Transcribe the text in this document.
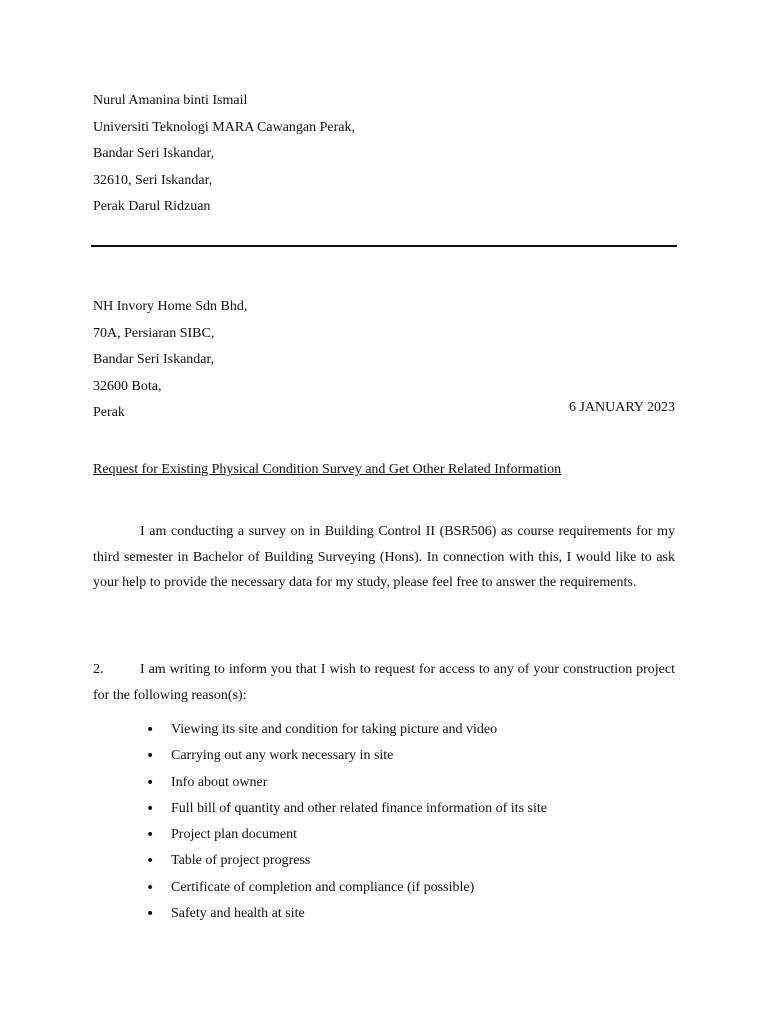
Nurul Amanina binti Ismail
Universiti Teknologi MARA Cawangan Perak,
Bandar Seri Iskandar,
32610, Seri Iskandar,
Perak Darul Ridzuan
NH Invory Home Sdn Bhd,
70A, Persiaran SIBC,
Bandar Seri Iskandar,
32600 Bota,
Perak	6 JANUARY 2023
Request for Existing Physical Condition Survey and Get Other Related Information

I am conducting a survey on in Building Control II (BSR506) as course requirements for my third semester in Bachelor of Building Surveying (Hons). In connection with this, I would like to ask your help to provide the necessary data for my study, please feel free to answer the requirements.

2.	I am writing to inform you that I wish to request for access to any of your construction project for the following reason(s):

• Viewing its site and condition for taking picture and video
• Carrying out any work necessary in site
• Info about owner
• Full bill of quantity and other related finance information of its site
• Project plan document
• Table of project progress
• Certificate of completion and compliance (if possible)
• Safety and health at site
